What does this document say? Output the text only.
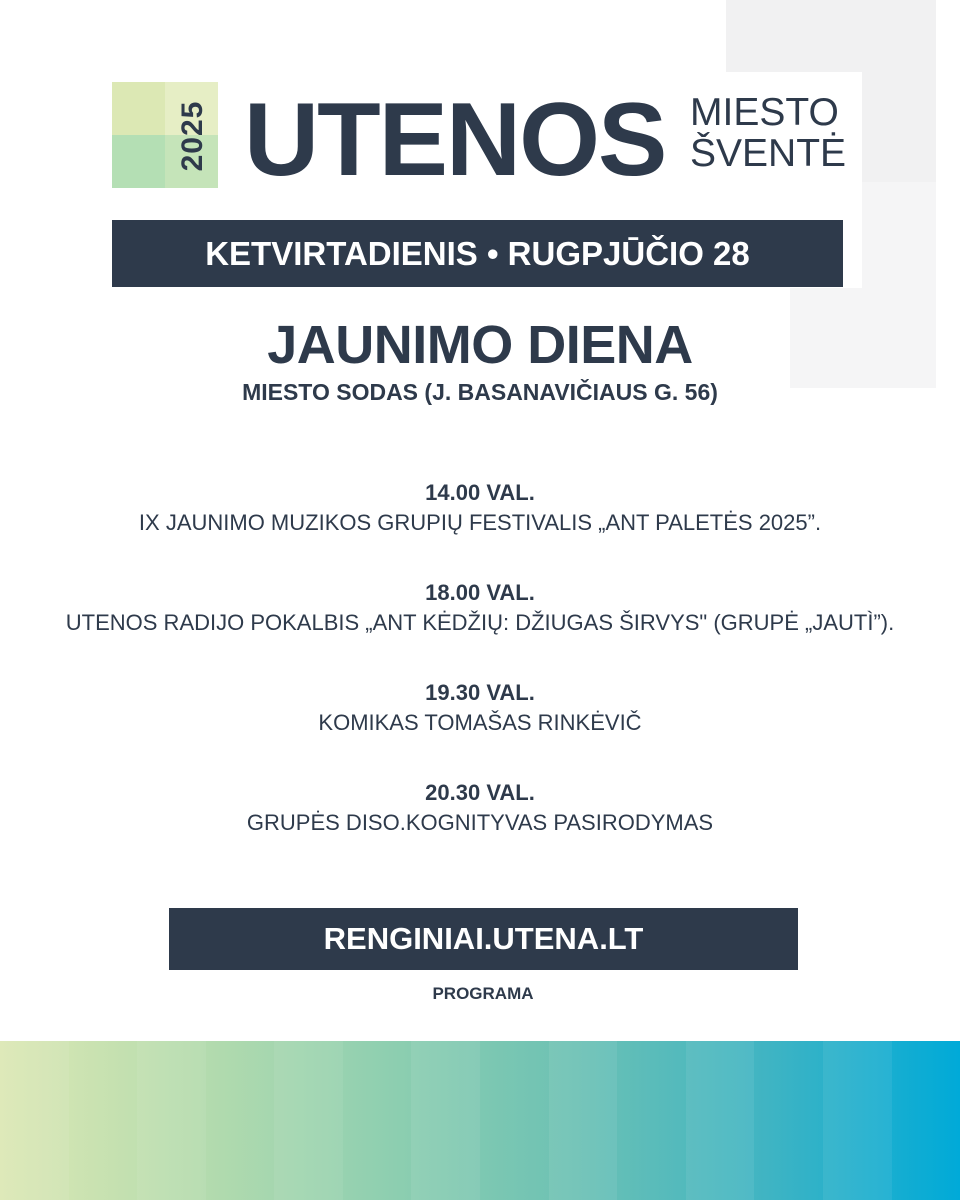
2025 UTENOS MIESTO
ŠVENTĖ
KETVIRTADIENIS • RUGPJŪČIO 28
JAUNIMO DIENA
MIESTO SODAS (J. BASANAVIČIAUS G. 56)
14.00 VAL.
IX JAUNIMO MUZIKOS GRUPIŲ FESTIVALIS „ANT PALETĖS 2025”.
18.00 VAL.
UTENOS RADIJO POKALBIS „ANT KĖDŽIŲ: DŽIUGAS ŠIRVYS" (GRUPĖ „JAUTÌ”).
19.30 VAL.
KOMIKAS TOMAŠAS RINKĖVIČ
20.30 VAL.
GRUPĖS DISO.KOGNITYVAS PASIRODYMAS
RENGINIAI.UTENA.LT
PROGRAMA
